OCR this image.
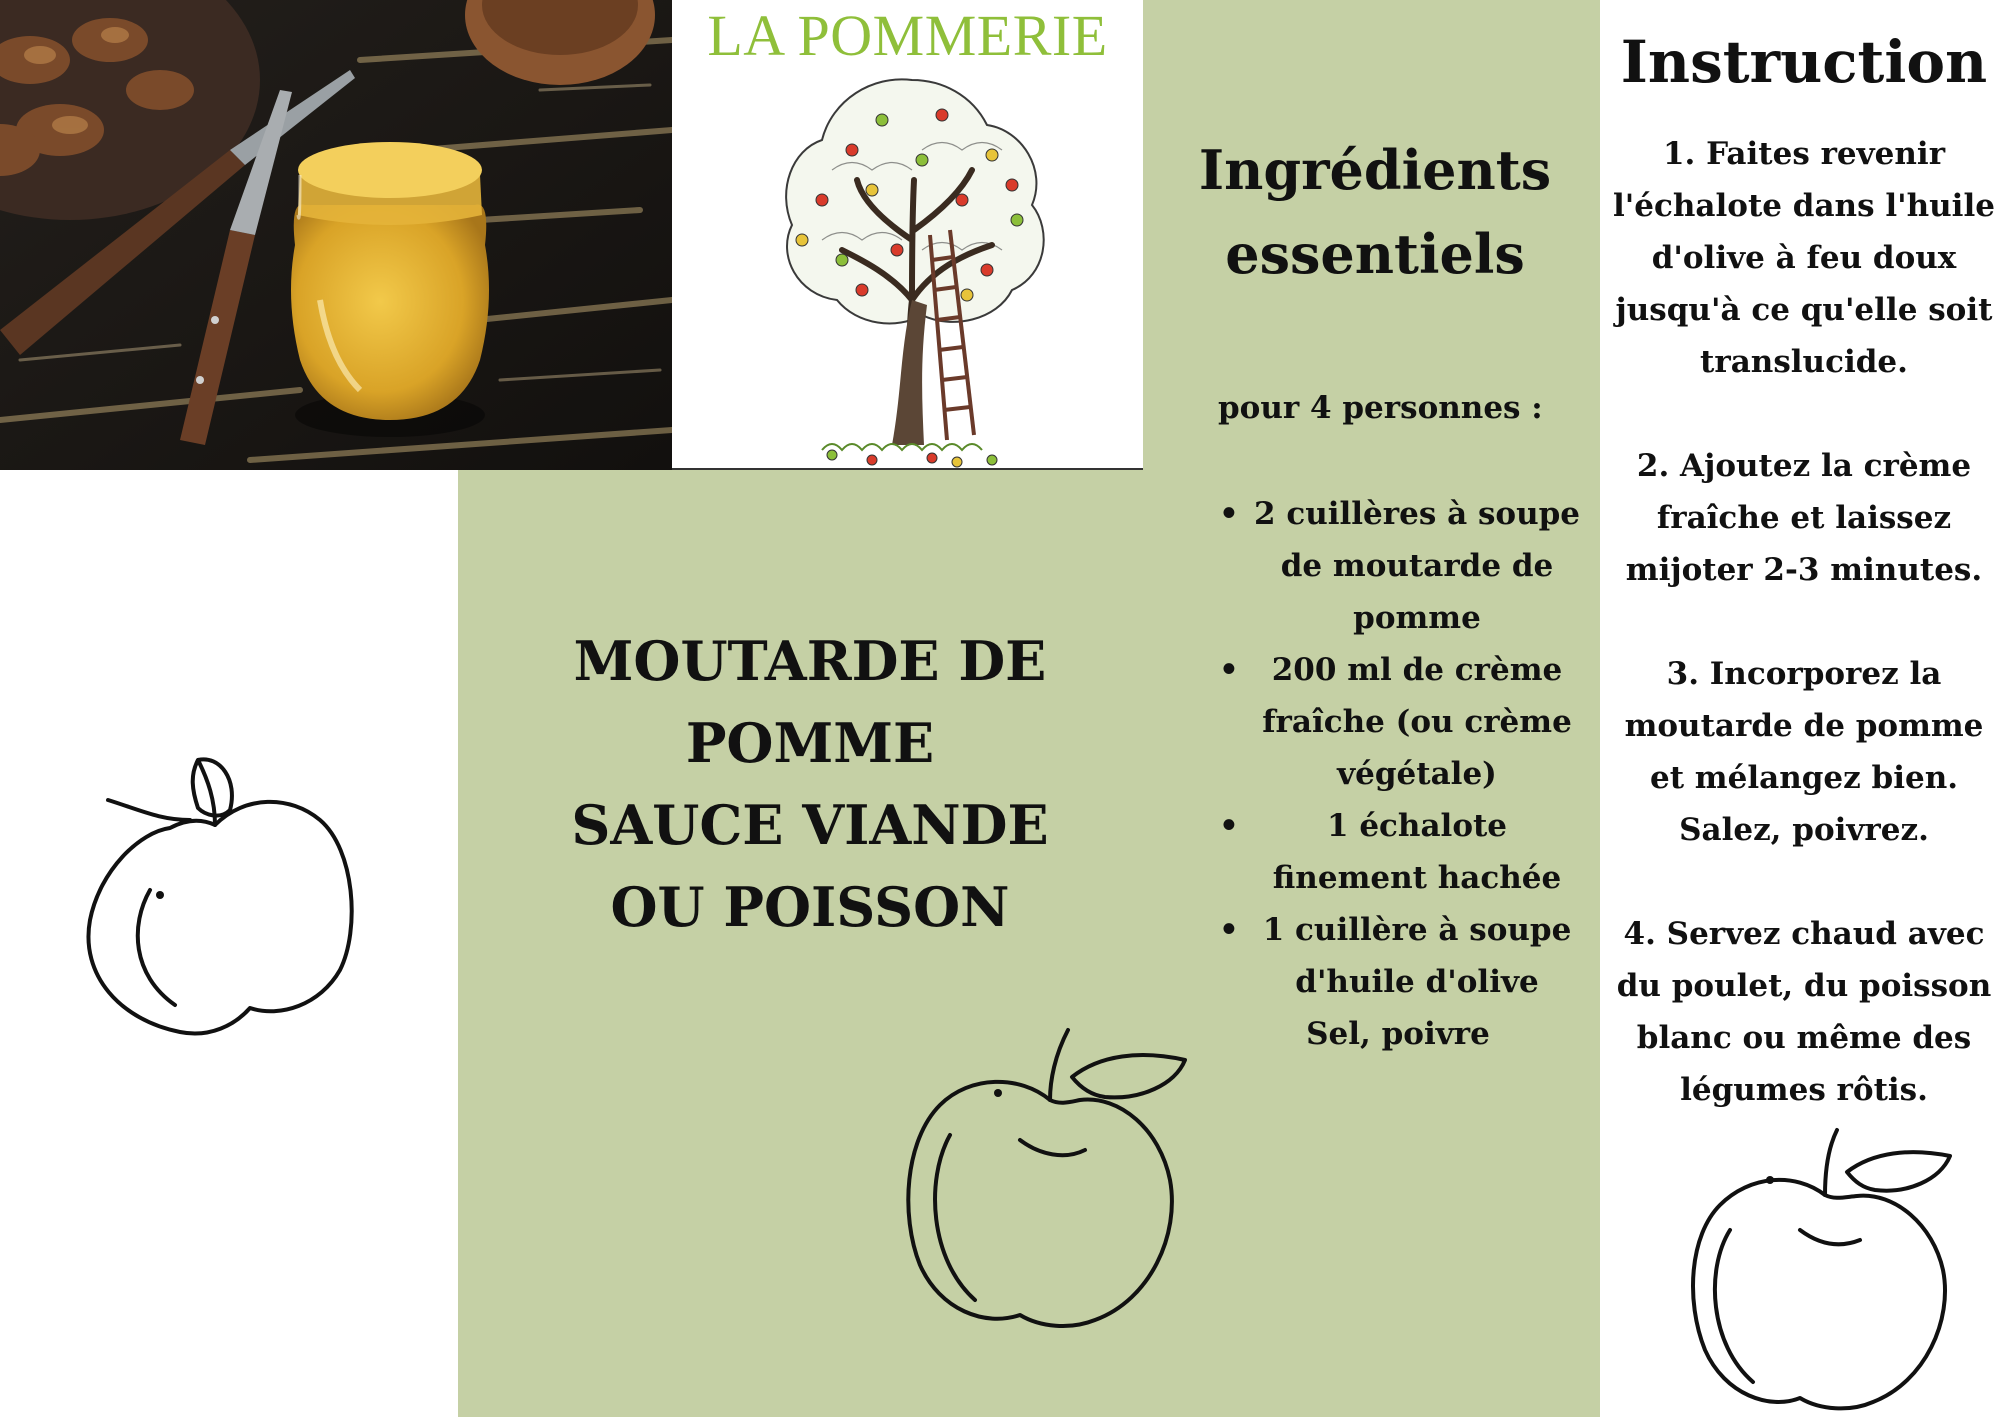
LA POMMERIE
MOUTARDE DE
POMME
SAUCE VIANDE
OU POISSON
Ingrédients
essentiels
pour 4 personnes :
• 2 cuillères à soupe de moutarde de pomme
• 200 ml de crème fraîche (ou crème végétale)
•	1 échalote finement hachée
• 1 cuillère à soupe d'huile d'olive
Sel, poivre
Instruction
1. Faites revenir l'échalote dans l'huile d'olive à feu doux jusqu'à ce qu'elle soit translucide.
2. Ajoutez la crème fraîche et laissez mijoter 2-3 minutes.
3. Incorporez la moutarde de pomme et mélangez bien. Salez, poivrez.
4. Servez chaud avec du poulet, du poisson blanc ou même des légumes rôtis.
